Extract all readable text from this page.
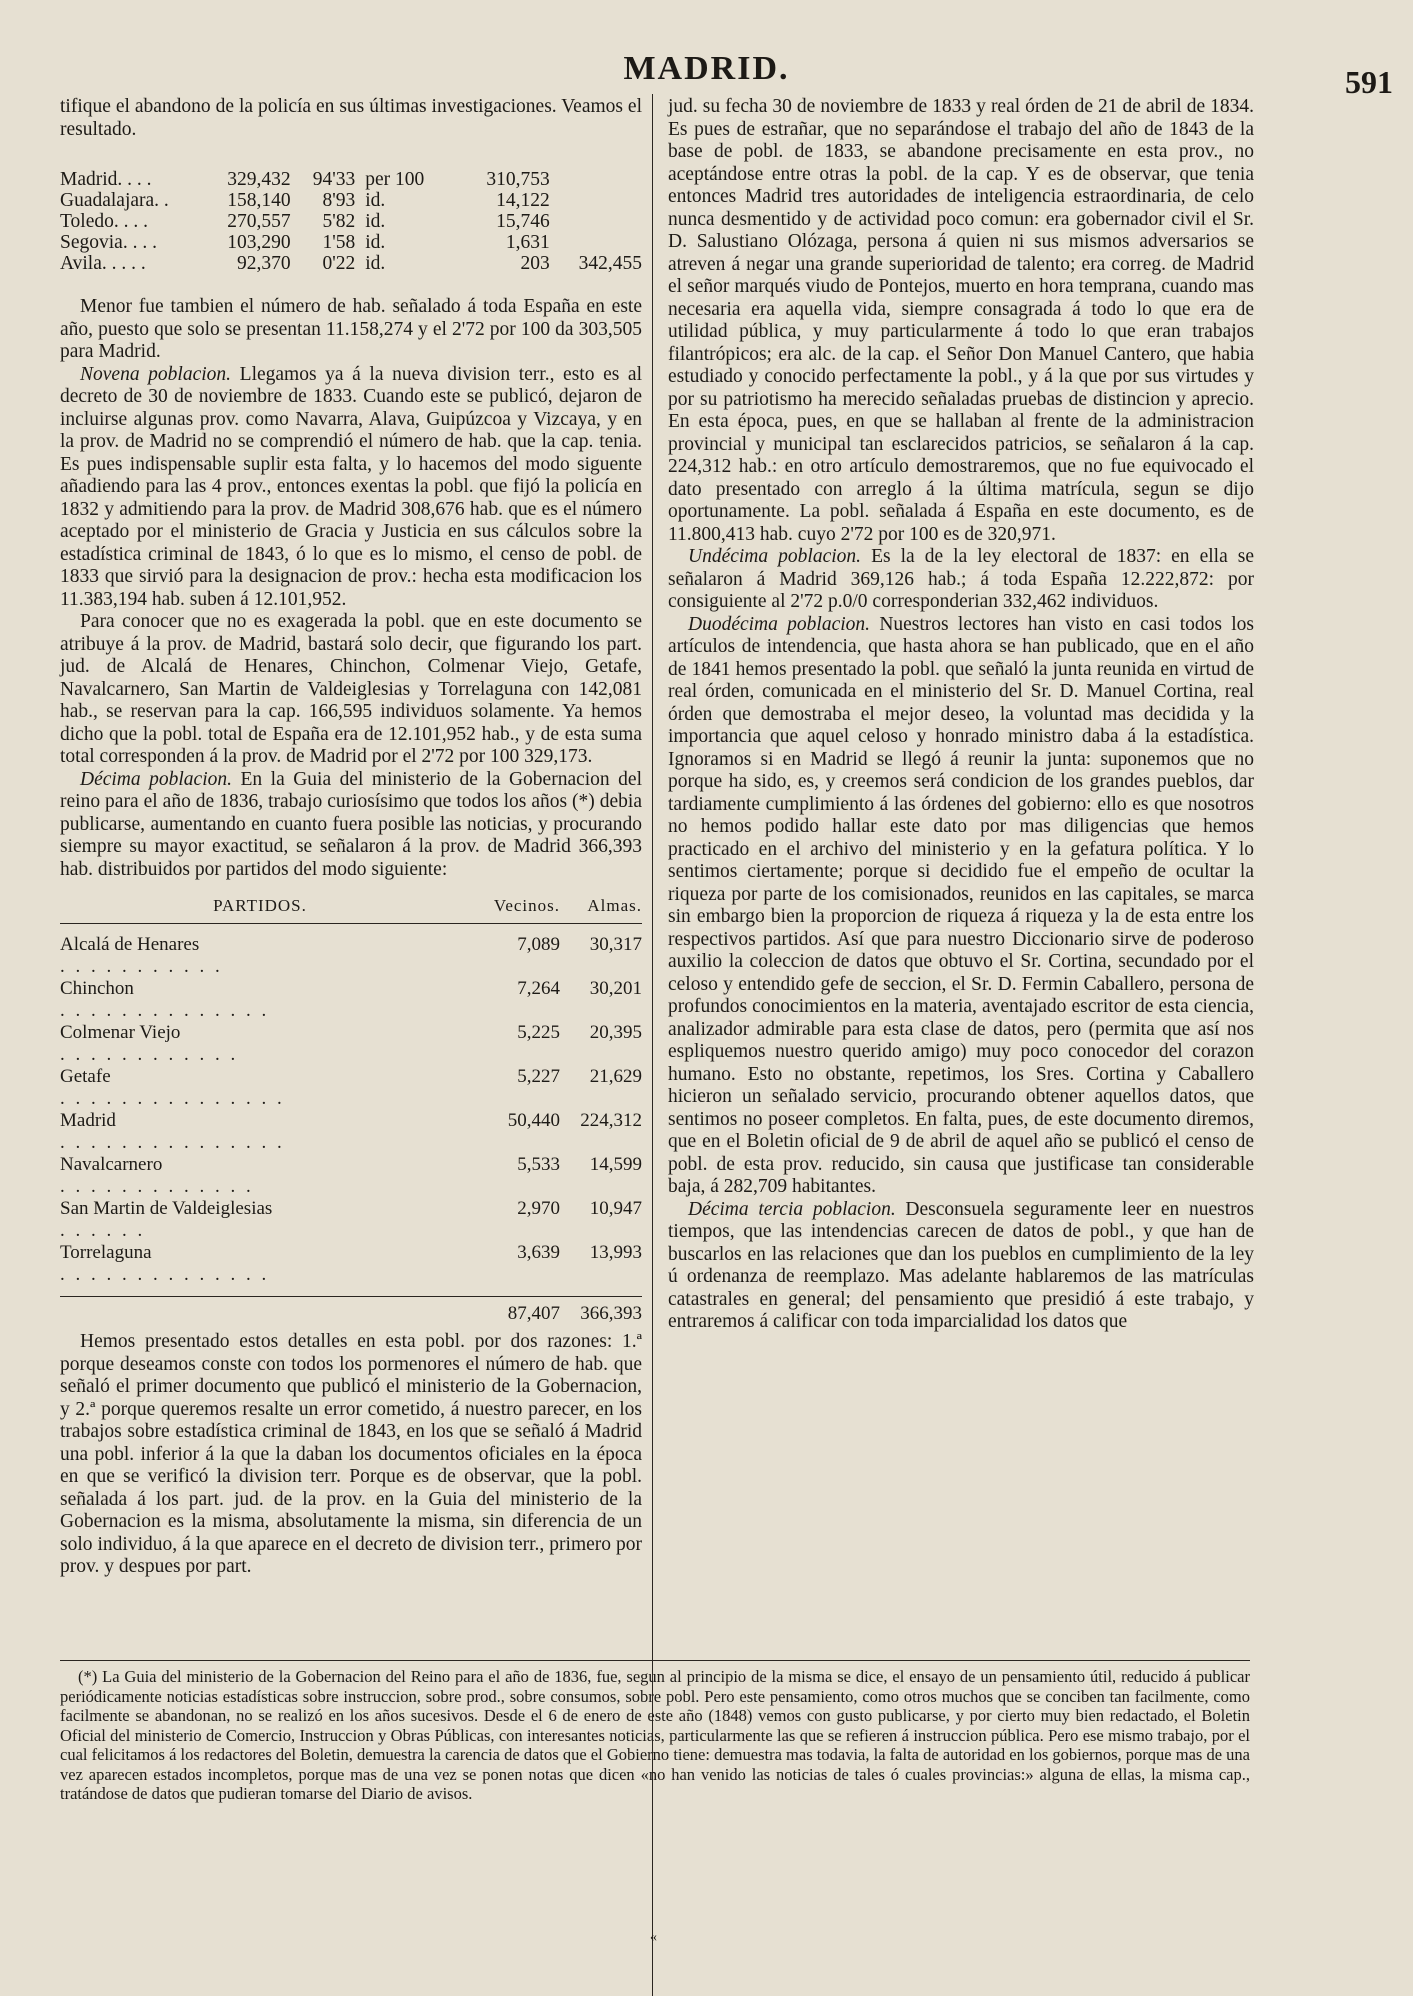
MADRID.	591

tifique el abandono de la policía en sus últimas investigaciones. Veamos el resultado.

Madrid. . . .	329,432	94'33 per 100	310,753
Guadalajara. .	158,140	8'93 id.	14,122
Toledo. . . .	270,557	5'82 id.	15,746
Segovia. . . .	103,290	1'58 id.	1,631
Avila. . . . .	92,370	0'22 id.	203	342,455

Menor fue tambien el número de hab. señalado á toda España en este año, puesto que solo se presentan 11.158,274 y el 2'72 por 100 da 303,505 para Madrid.

Novena poblacion. Llegamos ya á la nueva division terr., esto es al decreto de 30 de noviembre de 1833. Cuando este se publicó, dejaron de incluirse algunas prov. como Navarra, Alava, Guipúzcoa y Vizcaya, y en la prov. de Madrid no se comprendió el número de hab. que la cap. tenia. Es pues indispensable suplir esta falta, y lo hacemos del modo siguente añadiendo para las 4 prov., entonces exentas la pobl. que fijó la policía en 1832 y admitiendo para la prov. de Madrid 308,676 hab. que es el número aceptado por el ministerio de Gracia y Justicia en sus cálculos sobre la estadística criminal de 1843, ó lo que es lo mismo, el censo de pobl. de 1833 que sirvió para la designacion de prov.: hecha esta modificacion los 11.383,194 hab. suben á 12.101,952.

Para conocer que no es exagerada la pobl. que en este documento se atribuye á la prov. de Madrid, bastará solo decir, que figurando los part. jud. de Alcalá de Henares, Chinchon, Colmenar Viejo, Getafe, Navalcarnero, San Martin de Valdeiglesias y Torrelaguna con 142,081 hab., se reservan para la cap. 166,595 individuos solamente. Ya hemos dicho que la pobl. total de España era de 12.101,952 hab., y de esta suma total corresponden á la prov. de Madrid por el 2'72 por 100 329,173.

Décima poblacion. En la Guia del ministerio de la Gobernacion del reino para el año de 1836, trabajo curiosísimo que todos los años (*) debia publicarse, aumentando en cuanto fuera posible las noticias, y procurando siempre su mayor exactitud, se señalaron á la prov. de Madrid 366,393 hab. distribuidos por partidos del modo siguiente:

PARTIDOS.	Vecinos.	Almas.
Alcalá de Henares
. . . . . . . . . . .
7,089	30,317
Chinchon
. . . . . . . . . . . . . .
7,264	30,201
Colmenar Viejo
. . . . . . . . . . . .
5,225	20,395
Getafe
. . . . . . . . . . . . . . .
5,227	21,629
Madrid
. . . . . . . . . . . . . . .
50,440	224,312
Navalcarnero
. . . . . . . . . . . . .
5,533	14,599
San Martin de Valdeiglesias
. . . . . .
2,970	10,947
Torrelaguna
. . . . . . . . . . . . . .
3,639	13,993
87,407	366,393

Hemos presentado estos detalles en esta pobl. por dos razones: 1.ª porque deseamos conste con todos los pormenores el número de hab. que señaló el primer documento que publicó el ministerio de la Gobernacion, y 2.ª porque queremos resalte un error cometido, á nuestro parecer, en los trabajos sobre estadística criminal de 1843, en los que se señaló á Madrid una pobl. inferior á la que la daban los documentos oficiales en la época en que se verificó la division terr. Porque es de observar, que la pobl. señalada á los part. jud. de la prov. en la Guia del ministerio de la Gobernacion es la misma, absolutamente la misma, sin diferencia de un solo individuo, á la que aparece en el decreto de division terr., primero por prov. y despues por part.

jud. su fecha 30 de noviembre de 1833 y real órden de 21 de abril de 1834. Es pues de estrañar, que no separándose el trabajo del año de 1843 de la base de pobl. de 1833, se abandone precisamente en esta prov., no aceptándose entre otras la pobl. de la cap. Y es de observar, que tenia entonces Madrid tres autoridades de inteligencia estraordinaria, de celo nunca desmentido y de actividad poco comun: era gobernador civil el Sr. D. Salustiano Olózaga, persona á quien ni sus mismos adversarios se atreven á negar una grande superioridad de talento; era correg. de Madrid el señor marqués viudo de Pontejos, muerto en hora temprana, cuando mas necesaria era aquella vida, siempre consagrada á todo lo que era de utilidad pública, y muy particularmente á todo lo que eran trabajos filantrópicos; era alc. de la cap. el Señor Don Manuel Cantero, que habia estudiado y conocido perfectamente la pobl., y á la que por sus virtudes y por su patriotismo ha merecido señaladas pruebas de distincion y aprecio. En esta época, pues, en que se hallaban al frente de la administracion provincial y municipal tan esclarecidos patricios, se señalaron á la cap. 224,312 hab.: en otro artículo demostraremos, que no fue equivocado el dato presentado con arreglo á la última matrícula, segun se dijo oportunamente. La pobl. señalada á España en este documento, es de 11.800,413 hab. cuyo 2'72 por 100 es de 320,971.

Undécima poblacion. Es la de la ley electoral de 1837: en ella se señalaron á Madrid 369,126 hab.; á toda España 12.222,872: por consiguiente al 2'72 p.0/0 corresponderian 332,462 individuos.

Duodécima poblacion. Nuestros lectores han visto en casi todos los artículos de intendencia, que hasta ahora se han publicado, que en el año de 1841 hemos presentado la pobl. que señaló la junta reunida en virtud de real órden, comunicada en el ministerio del Sr. D. Manuel Cortina, real órden que demostraba el mejor deseo, la voluntad mas decidida y la importancia que aquel celoso y honrado ministro daba á la estadística. Ignoramos si en Madrid se llegó á reunir la junta: suponemos que no porque ha sido, es, y creemos será condicion de los grandes pueblos, dar tardiamente cumplimiento á las órdenes del gobierno: ello es que nosotros no hemos podido hallar este dato por mas diligencias que hemos practicado en el archivo del ministerio y en la gefatura política. Y lo sentimos ciertamente; porque si decidido fue el empeño de ocultar la riqueza por parte de los comisionados, reunidos en las capitales, se marca sin embargo bien la proporcion de riqueza á riqueza y la de esta entre los respectivos partidos. Así que para nuestro Diccionario sirve de poderoso auxilio la coleccion de datos que obtuvo el Sr. Cortina, secundado por el celoso y entendido gefe de seccion, el Sr. D. Fermin Caballero, persona de profundos conocimientos en la materia, aventajado escritor de esta ciencia, analizador admirable para esta clase de datos, pero (permita que así nos espliquemos nuestro querido amigo) muy poco conocedor del corazon humano. Esto no obstante, repetimos, los Sres. Cortina y Caballero hicieron un señalado servicio, procurando obtener aquellos datos, que sentimos no poseer completos. En falta, pues, de este documento diremos, que en el Boletin oficial de 9 de abril de aquel año se publicó el censo de pobl. de esta prov. reducido, sin causa que justificase tan considerable baja, á 282,709 habitantes.

Décima tercia poblacion. Desconsuela seguramente leer en nuestros tiempos, que las intendencias carecen de datos de pobl., y que han de buscarlos en las relaciones que dan los pueblos en cumplimiento de la ley ú ordenanza de reemplazo. Mas adelante hablaremos de las matrículas catastrales en general; del pensamiento que presidió á este trabajo, y entraremos á calificar con toda imparcialidad los datos que

(*) La Guia del ministerio de la Gobernacion del Reino para el año de 1836, fue, segun al principio de la misma se dice, el ensayo de un pensamiento útil, reducido á publicar periódicamente noticias estadísticas sobre instruccion, sobre prod., sobre consumos, sobre pobl. Pero este pensamiento, como otros muchos que se conciben tan facilmente, como facilmente se abandonan, no se realizó en los años sucesivos. Desde el 6 de enero de este año (1848) vemos con gusto publicarse, y por cierto muy bien redactado, el Boletin Oficial del ministerio de Comercio, Instruccion y Obras Públicas, con interesantes noticias, particularmente las que se refieren á instruccion pública. Pero ese mismo trabajo, por el cual felicitamos á los redactores del Boletin, demuestra la carencia de datos que el Gobierno tiene: demuestra mas todavia, la falta de autoridad en los gobiernos, porque mas de una vez aparecen estados incompletos, porque mas de una vez se ponen notas que dicen «no han venido las noticias de tales ó cuales provincias:» alguna de ellas, la misma cap., tratándose de datos que pudieran tomarse del Diario de avisos.

«
